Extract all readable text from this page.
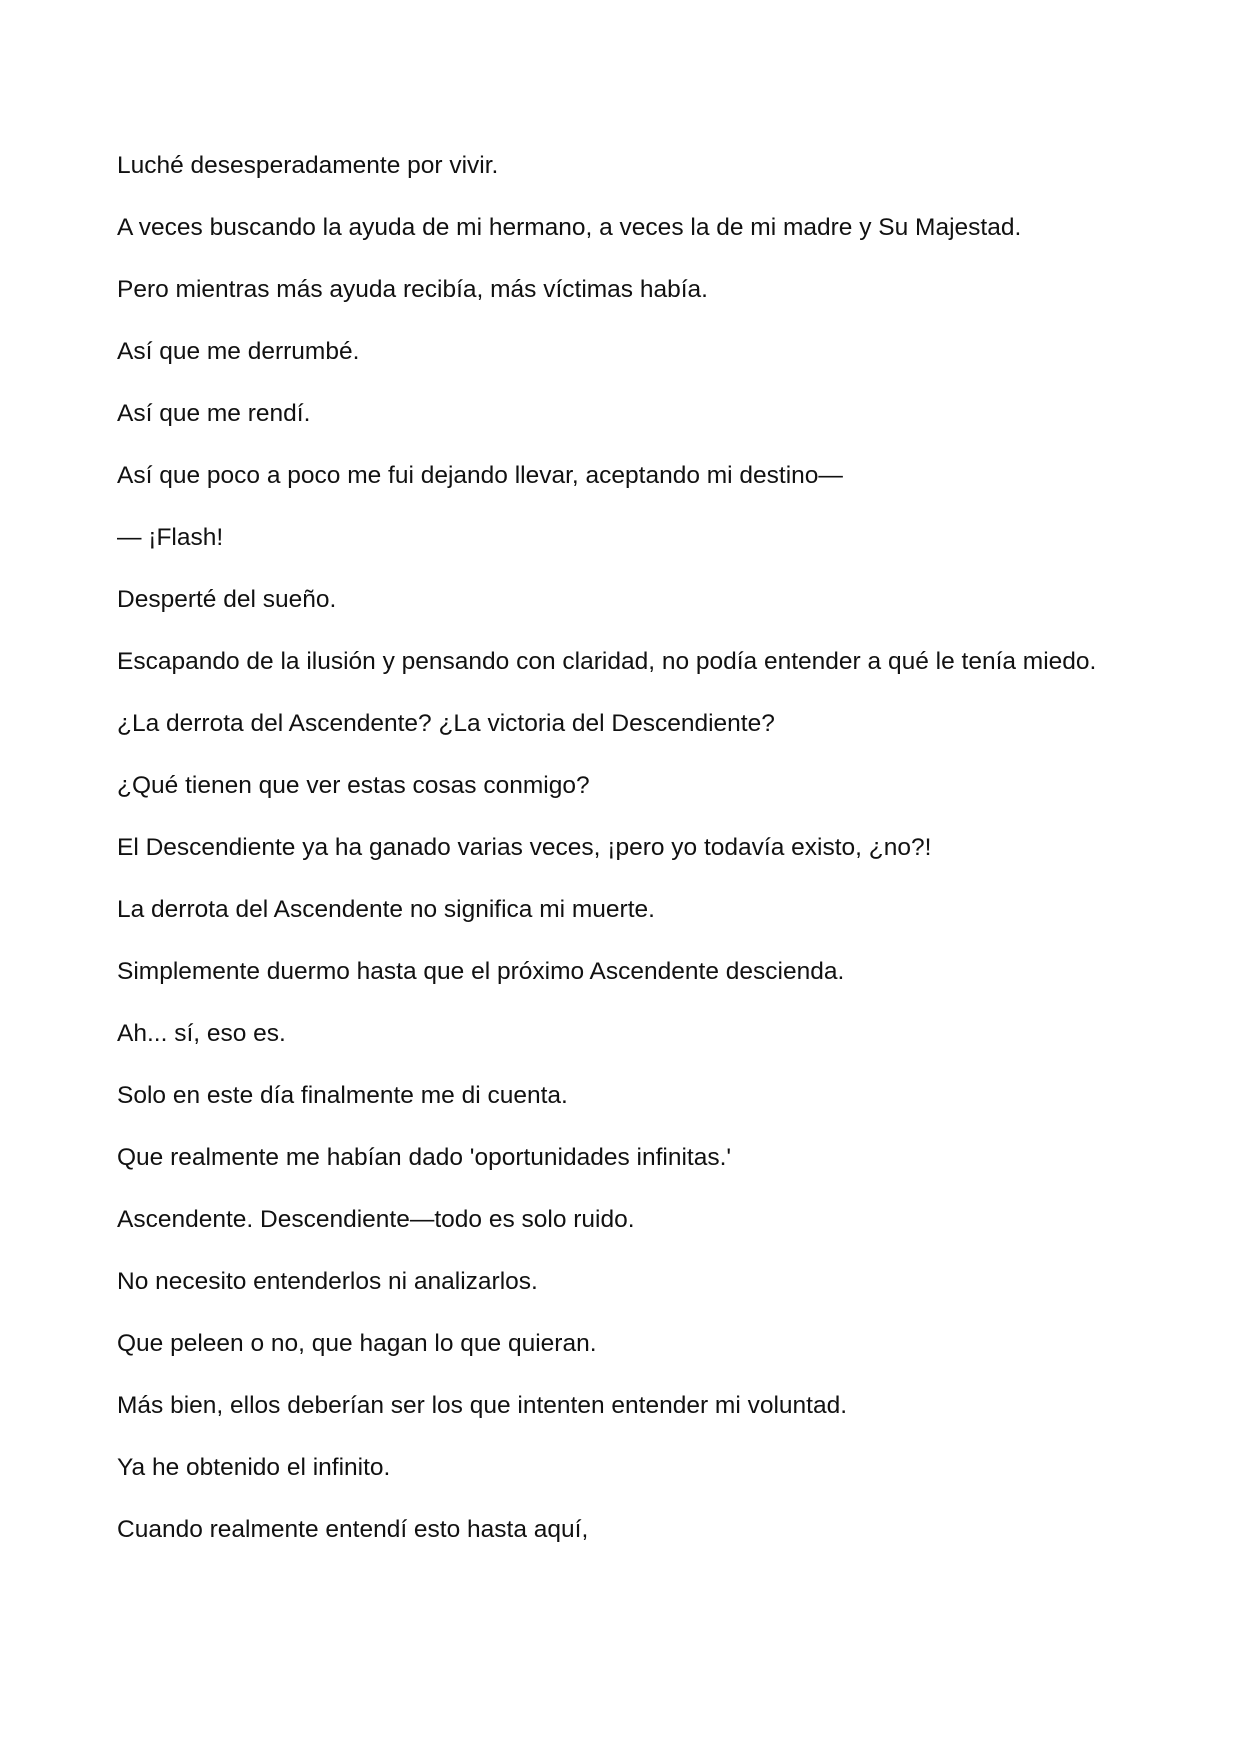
Luché desesperadamente por vivir.

A veces buscando la ayuda de mi hermano, a veces la de mi madre y Su Majestad.

Pero mientras más ayuda recibía, más víctimas había.

Así que me derrumbé.

Así que me rendí.

Así que poco a poco me fui dejando llevar, aceptando mi destino—

— ¡Flash!

Desperté del sueño.

Escapando de la ilusión y pensando con claridad, no podía entender a qué le tenía miedo.

¿La derrota del Ascendente? ¿La victoria del Descendiente?

¿Qué tienen que ver estas cosas conmigo?

El Descendiente ya ha ganado varias veces, ¡pero yo todavía existo, ¿no?!

La derrota del Ascendente no significa mi muerte.

Simplemente duermo hasta que el próximo Ascendente descienda.

Ah... sí, eso es.

Solo en este día finalmente me di cuenta.

Que realmente me habían dado 'oportunidades infinitas.'

Ascendente. Descendiente—todo es solo ruido.

No necesito entenderlos ni analizarlos.

Que peleen o no, que hagan lo que quieran.

Más bien, ellos deberían ser los que intenten entender mi voluntad.

Ya he obtenido el infinito.

Cuando realmente entendí esto hasta aquí,
